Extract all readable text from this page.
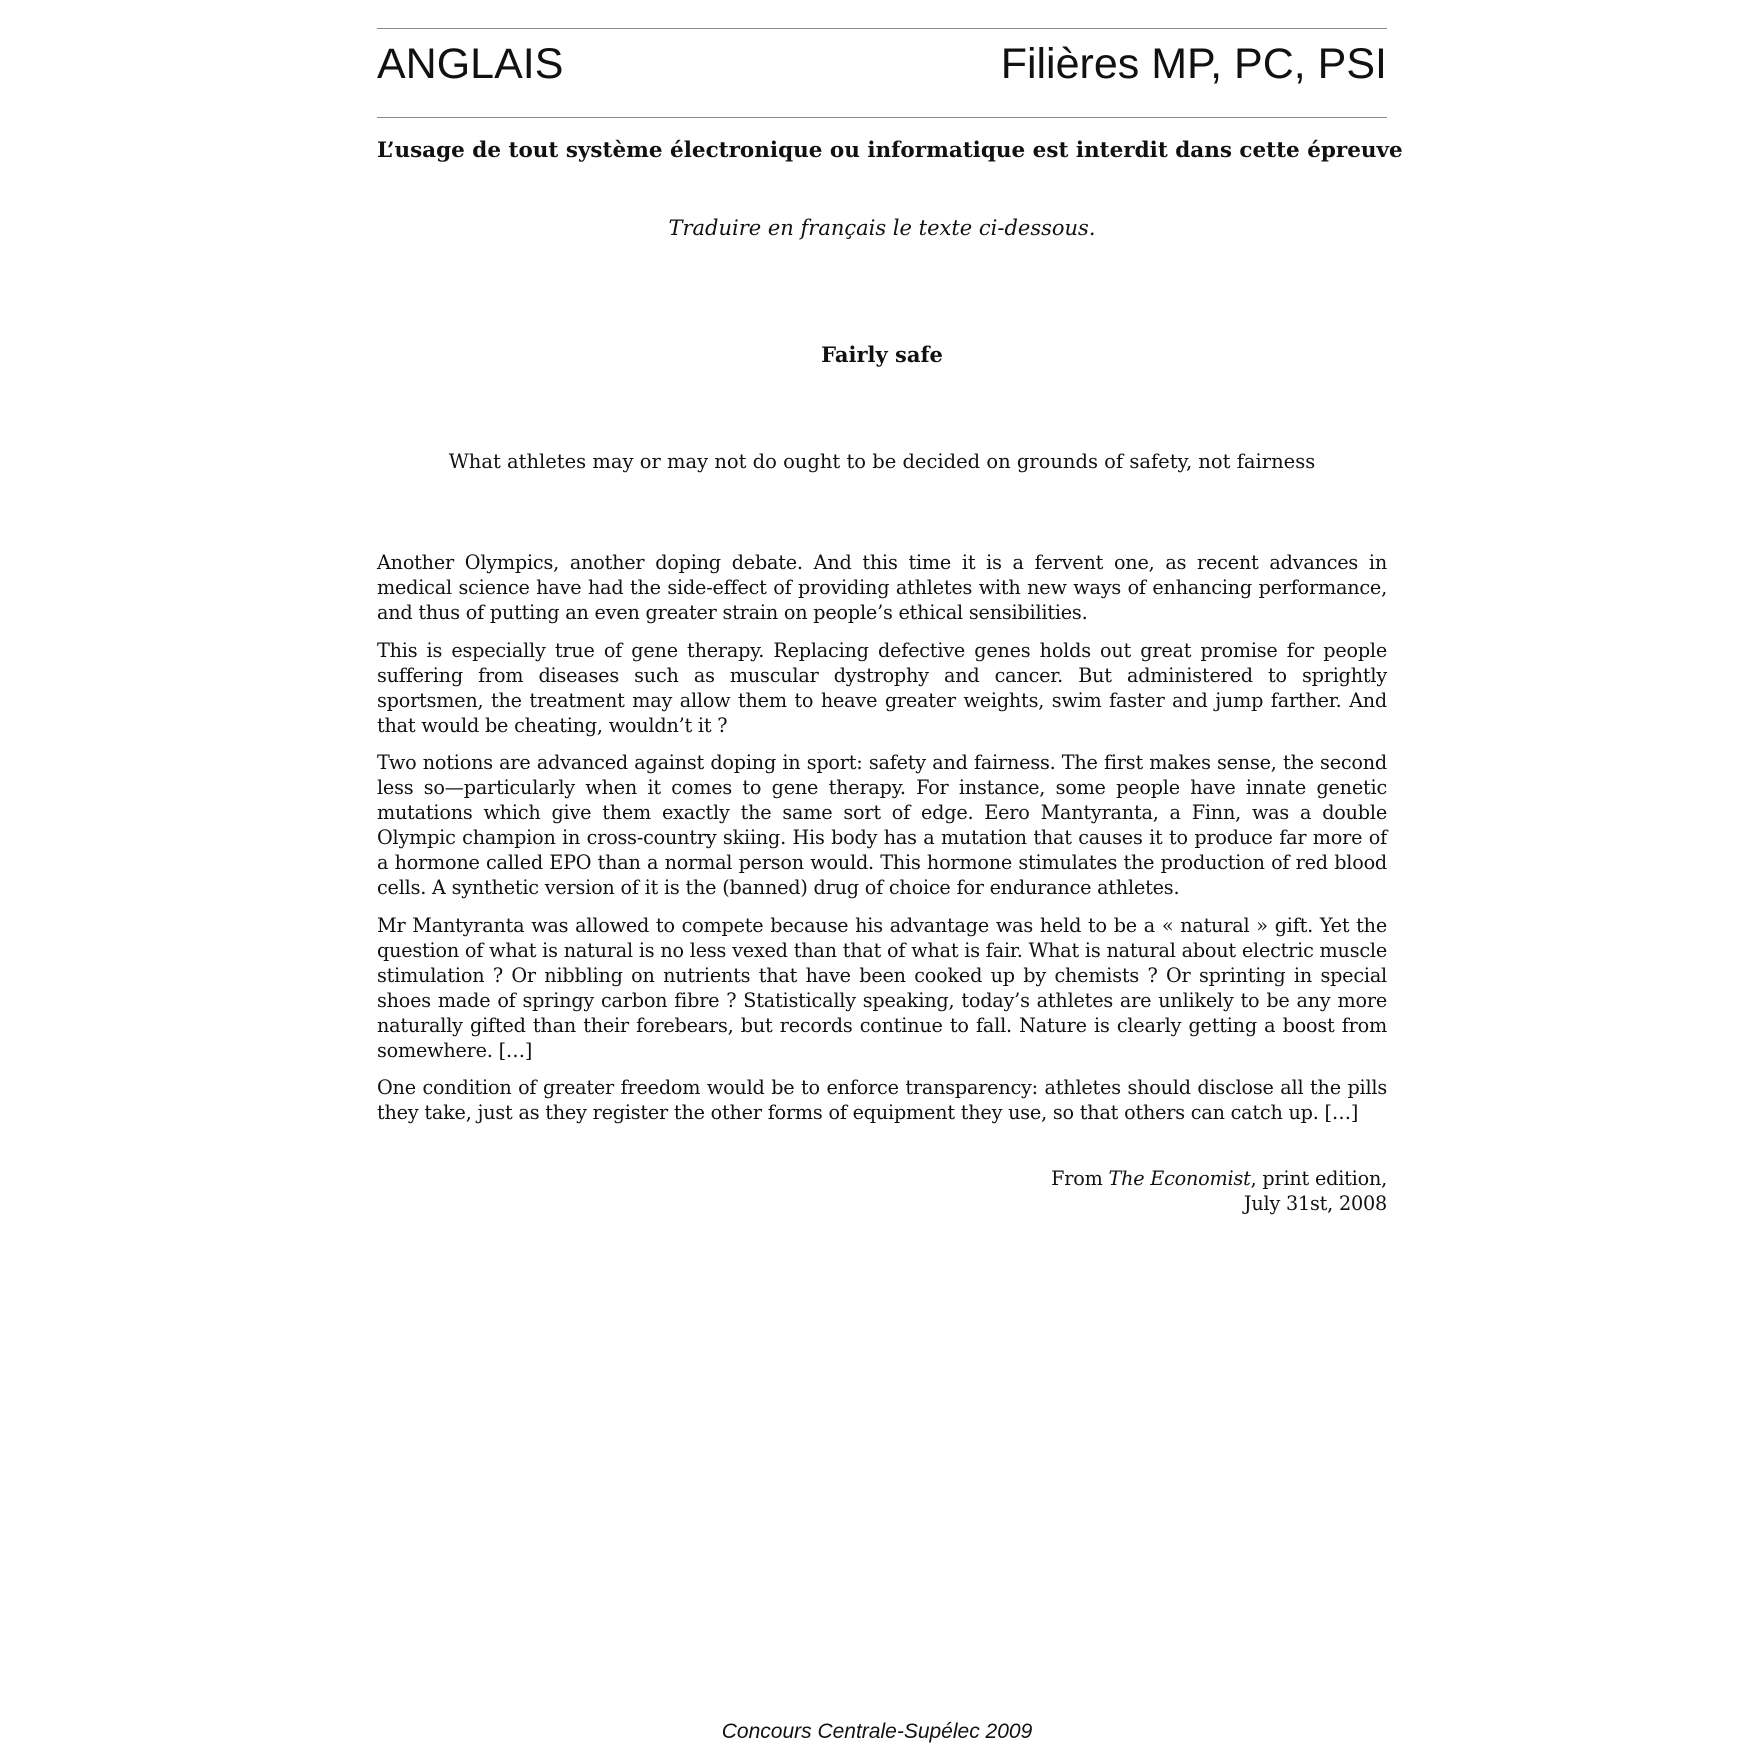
ANGLAIS	Filières MP, PC, PSI
L’usage de tout système électronique ou informatique est interdit dans cette épreuve
Traduire en français le texte ci-dessous.
Fairly safe
What athletes may or may not do ought to be decided on grounds of safety, not fairness

Another Olympics, another doping debate. And this time it is a fervent one, as recent advances in medical science have had the side-effect of providing athletes with new ways of enhancing performance, and thus of putting an even greater strain on people’s ethical sensibilities.

This is especially true of gene therapy. Replacing defective genes holds out great promise for people suffering from diseases such as muscular dystrophy and cancer. But administered to sprightly sportsmen, the treatment may allow them to heave greater weights, swim faster and jump farther. And that would be cheating, wouldn’t it ?

Two notions are advanced against doping in sport: safety and fairness. The first makes sense, the second less so—particularly when it comes to gene therapy. For instance, some people have innate genetic mutations which give them exactly the same sort of edge. Eero Mantyranta, a Finn, was a double Olympic champion in cross-country skiing. His body has a mutation that causes it to produce far more of a hormone called EPO than a normal person would. This hormone stimulates the production of red blood cells. A synthetic version of it is the (banned) drug of choice for endurance athletes.

Mr Mantyranta was allowed to compete because his advantage was held to be a « natural » gift. Yet the question of what is natural is no less vexed than that of what is fair. What is natural about electric muscle stimulation ? Or nibbling on nutrients that have been cooked up by chemists ? Or sprinting in special shoes made of springy carbon fibre ? Statistically speaking, today’s athletes are unlikely to be any more naturally gifted than their forebears, but records continue to fall. Nature is clearly getting a boost from somewhere. […]

One condition of greater freedom would be to enforce transparency: athletes should disclose all the pills they take, just as they register the other forms of equipment they use, so that others can catch up. […]

From The Economist, print edition,
July 31st, 2008
Concours Centrale-Supélec 2009
